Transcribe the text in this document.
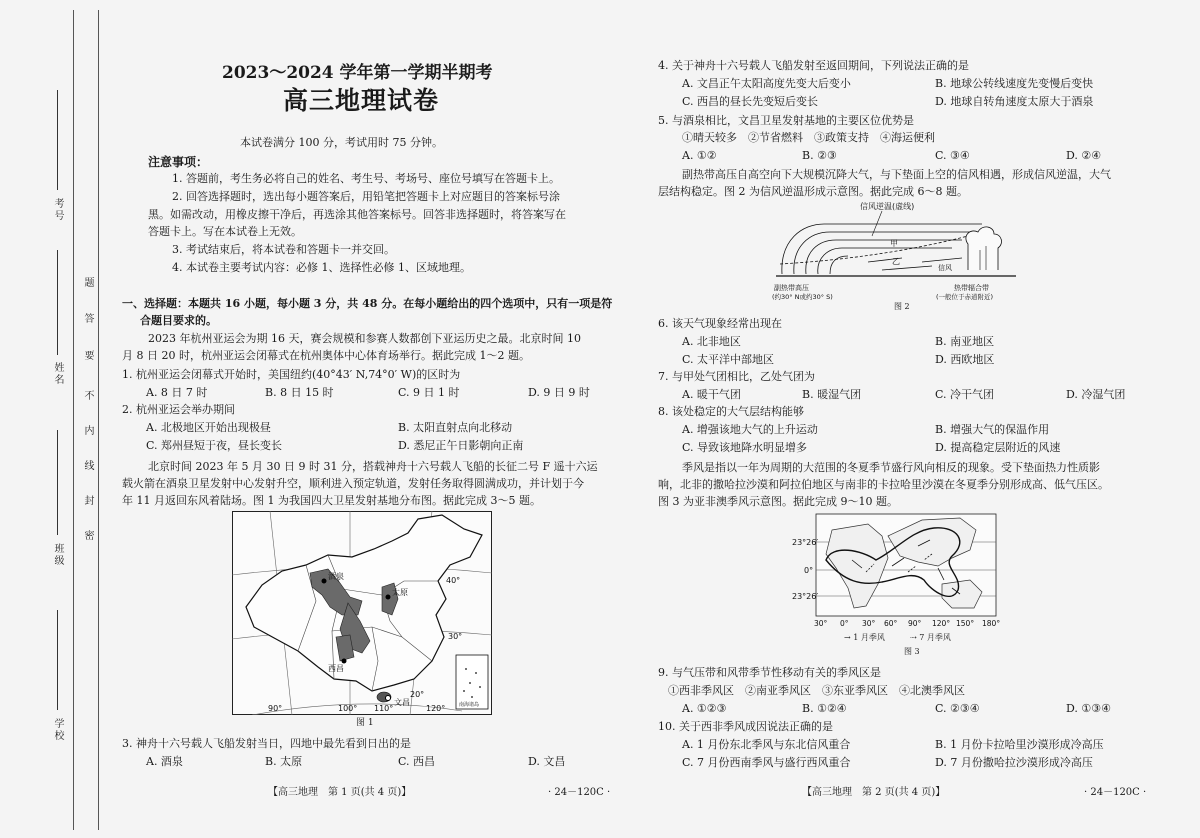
考号
姓名
班级
学校
题
答
要
不
内
线
封
密
2023～2024 学年第一学期半期考
高三地理试卷
本试卷满分 100 分，考试用时 75 分钟。
注意事项：
1. 答题前，考生务必将自己的姓名、考生号、考场号、座位号填写在答题卡上。
2. 回答选择题时，选出每小题答案后，用铅笔把答题卡上对应题目的答案标号涂
黑。如需改动，用橡皮擦干净后，再选涂其他答案标号。回答非选择题时，将答案写在
答题卡上。写在本试卷上无效。
3. 考试结束后，将本试卷和答题卡一并交回。
4. 本试卷主要考试内容：必修 1、选择性必修 1、区域地理。
一、选择题：本题共 16 小题，每小题 3 分，共 48 分。在每小题给出的四个选项中，只有一项是符
合题目要求的。
2023 年杭州亚运会为期 16 天，赛会规模和参赛人数都创下亚运历史之最。北京时间 10
月 8 日 20 时，杭州亚运会闭幕式在杭州奥体中心体育场举行。据此完成 1～2 题。
1. 杭州亚运会闭幕式开始时，美国纽约(40°43′ N,74°0′ W)的区时为
A. 8 日 7 时	B. 8 日 15 时	C. 9 日 1 时	D. 9 日 9 时
2. 杭州亚运会举办期间
A. 北极地区开始出现极昼	B. 太阳直射点向北移动
C. 郑州昼短于夜，昼长变长	D. 悉尼正午日影朝向正南
北京时间 2023 年 5 月 30 日 9 时 31 分，搭载神舟十六号载人飞船的长征二号 F 遥十六运
载火箭在酒泉卫星发射中心发射升空，顺利进入预定轨道，发射任务取得圆满成功，并计划于今
年 11 月返回东风着陆场。图 1 为我国四大卫星发射基地分布图。据此完成 3～5 题。
酒泉
太原
西昌
文昌
40°
30°
20°
90°	100° 110°	120°	南海诸岛
图 1
3. 神舟十六号载人飞船发射当日，四地中最先看到日出的是
A. 酒泉	B. 太原	C. 西昌	D. 文昌
【高三地理　第 1 页(共 4 页)】	· 24－120C ·
4. 关于神舟十六号载人飞船发射至返回期间，下列说法正确的是
A. 文昌正午太阳高度先变大后变小	B. 地球公转线速度先变慢后变快
C. 西昌的昼长先变短后变长	D. 地球自转角速度太原大于酒泉
5. 与酒泉相比，文昌卫星发射基地的主要区位优势是
①晴天较多　②节省燃料　③政策支持　④海运便利
A. ①②	B. ②③	C. ③④	D. ②④
副热带高压自高空向下大规模沉降大气，与下垫面上空的信风相遇，形成信风逆温，大气
层结构稳定。图 2 为信风逆温形成示意图。据此完成 6～8 题。
信风逆温(虚线)
甲
乙
信风
副热带高压
(约30° N或约30° S)
热带辐合带
(一般位于赤道附近)
图 2
6. 该天气现象经常出现在
A. 北非地区	B. 南亚地区
C. 太平洋中部地区	D. 西欧地区
7. 与甲处气团相比，乙处气团为
A. 暖干气团	B. 暖湿气团	C. 冷干气团	D. 冷湿气团
8. 该处稳定的大气层结构能够
A. 增强该地大气的上升运动	B. 增强大气的保温作用
C. 导致该地降水明显增多	D. 提高稳定层附近的风速
季风是指以一年为周期的大范围的冬夏季节盛行风向相反的现象。受下垫面热力性质影
响，北非的撒哈拉沙漠和阿拉伯地区与南非的卡拉哈里沙漠在冬夏季分别形成高、低气压区。
图 3 为亚非澳季风示意图。据此完成 9～10 题。
23°26′
0°
23°26′
30° 0° 30° 60° 90° 120° 150° 180°
→ 1 月季风	⇢ 7 月季风
图 3
9. 与气压带和风带季节性移动有关的季风区是
①西非季风区　②南亚季风区　③东亚季风区　④北澳季风区
A. ①②③	B. ①②④	C. ②③④	D. ①③④
10. 关于西非季风成因说法正确的是
A. 1 月份东北季风与东北信风重合	B. 1 月份卡拉哈里沙漠形成冷高压
C. 7 月份西南季风与盛行西风重合	D. 7 月份撒哈拉沙漠形成冷高压
【高三地理　第 2 页(共 4 页)】	· 24－120C ·
